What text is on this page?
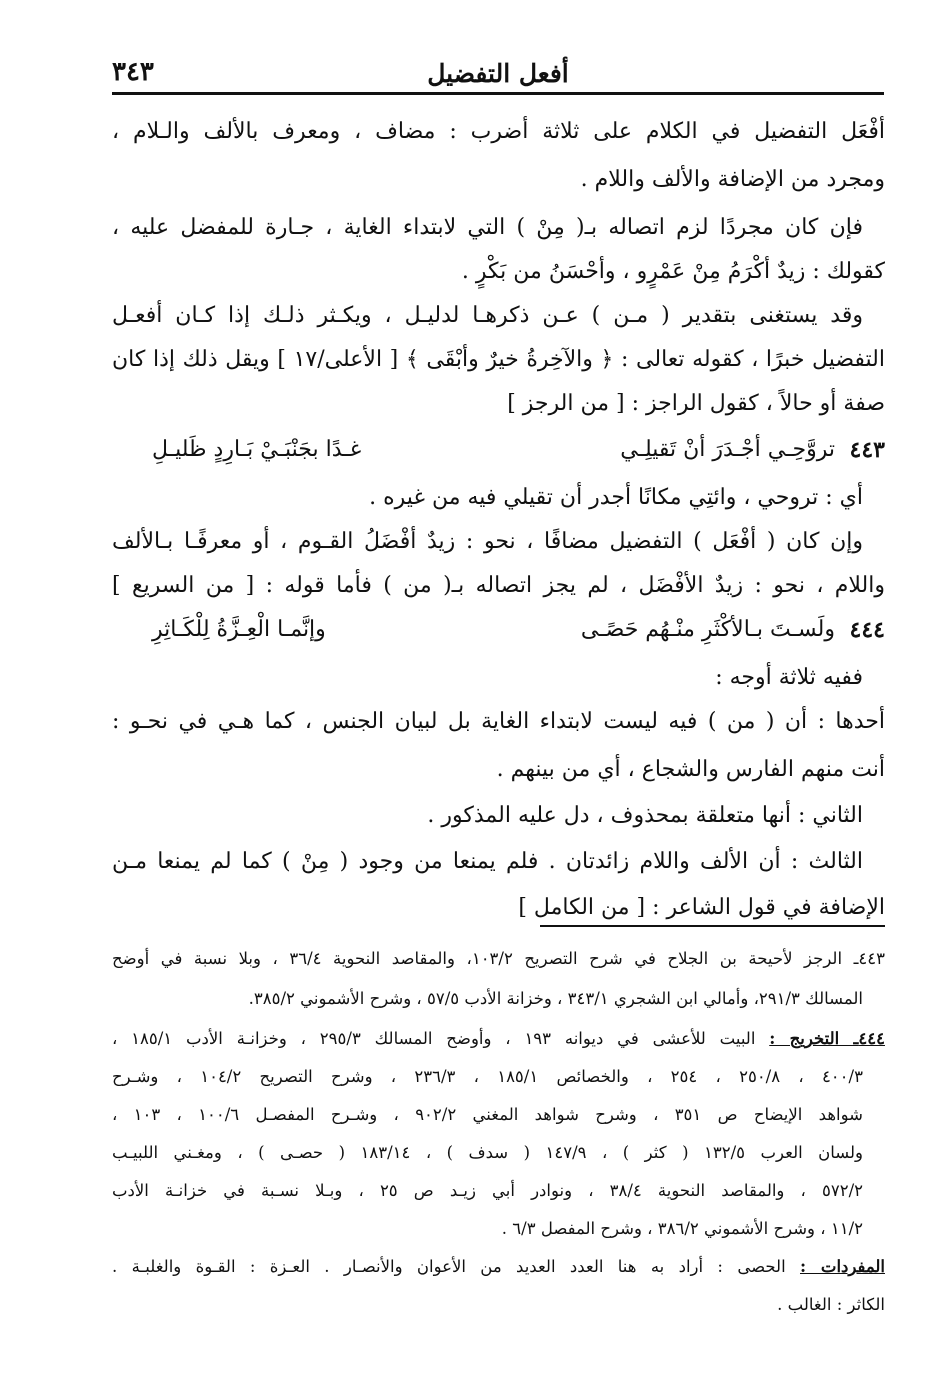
أفعل التفضيل
٣٤٣
أفْعَل التفضيل في الكلام على ثلاثة أضرب : مضاف ، ومعرف بالألف والـلام ،
ومجرد من الإضافة والألف واللام .
فإن كان مجردًا لزم اتصاله بـ( مِنْ ) التي لابتداء الغاية ، جـارة للمفضل عليه ،
كقولك : زيدٌ أكْرَمُ مِنْ عَمْرٍو ، وأحْسَنُ من بَكْرٍ .
وقد يستغنى بتقدير ( مـن ) عـن ذكرهـا لدليـل ، ويكـثر ذلـك إذا كـان أفعـل
التفضيل خبرًا ، كقوله تعالى : ﴿ والآخِرةُ خيرٌ وأبْقَى ﴾ [ الأعلى/١٧ ] ويقل ذلك إذا كان
صفة أو حالاً ، كقول الراجز : [ من الرجز ]
٤٤٣
تروَّحِـي أجْـدَرَ أنْ تَقيلِـي
غـدًا بجَنْبَـيْ بَـارِدٍ ظَليـلِ
أي : تروحي ، وائتِي مكانًا أجدر أن تقيلي فيه من غيره .
وإن كان ( أفْعَل ) التفضيل مضافًا ، نحو : زيدٌ أفْضَلُ القـوم ، أو معرفًـا بـالألف
واللام ، نحو : زيدٌ الأفْضَل ، لم يجز اتصاله بـ( من ) فأما قوله : [ من السريع ]
٤٤٤
ولَسـتَ بـالأكْثَرِ منْـهُم حَصًـى
وإنَّمـا الْعِـزَّةُ لِلْكَـاثِرِ
ففيه ثلاثة أوجه :
أحدها : أن ( من ) فيه ليست لابتداء الغاية بل لبيان الجنس ، كما هـي في نحـو :
أنت منهم الفارس والشجاع ، أي من بينهم .
الثاني : أنها متعلقة بمحذوف ، دل عليه المذكور .
الثالث : أن الألف واللام زائدتان . فلم يمنعا من وجود ( مِنْ ) كما لم يمنعا مـن
الإضافة في قول الشاعر : [ من الكامل ]
٤٤٣ـ الرجز لأحيحة بن الجلاح في شرح التصريح ١٠٣/٢، والمقاصد النحوية ٣٦/٤ ، وبلا نسبة في أوضح
المسالك ٢٩١/٣، وأمالي ابن الشجري ٣٤٣/١ ، وخزانة الأدب ٥٧/٥ ، وشرح الأشموني ٣٨٥/٢.
٤٤٤ـ التخريج : البيت للأعشى في ديوانه ١٩٣ ، وأوضح المسالك ٢٩٥/٣ ، وخزانـة الأدب ١٨٥/١ ،
٤٠٠/٣ ، ٢٥٠/٨ ، ٢٥٤ ، والخصائص ١٨٥/١ ، ٢٣٦/٣ ، وشرح التصريح ١٠٤/٢ ، وشـرح
شواهد الإيضاح ص ٣٥١ ، وشرح شواهد المغني ٩٠٢/٢ ، وشـرح المفصـل ١٠٠/٦ ، ١٠٣ ،
ولسان العرب ١٣٢/٥ ( كثر ) ، ١٤٧/٩ ( سدف ) ، ١٨٣/١٤ ( حصـى ) ، ومغـني اللبيـب
٥٧٢/٢ ، والمقاصد النحوية ٣٨/٤ ، ونوادر أبي زيـد ص ٢٥ ، وبـلا نسـبة في خزانـة الأدب
١١/٢ ، وشرح الأشموني ٣٨٦/٢ ، وشرح المفصل ٦/٣ .
المفردات : الحصى : أراد به هنا العدد العديد من الأعوان والأنصـار . العـزة : القـوة والغلبـة .
الكاثر : الغالب .
